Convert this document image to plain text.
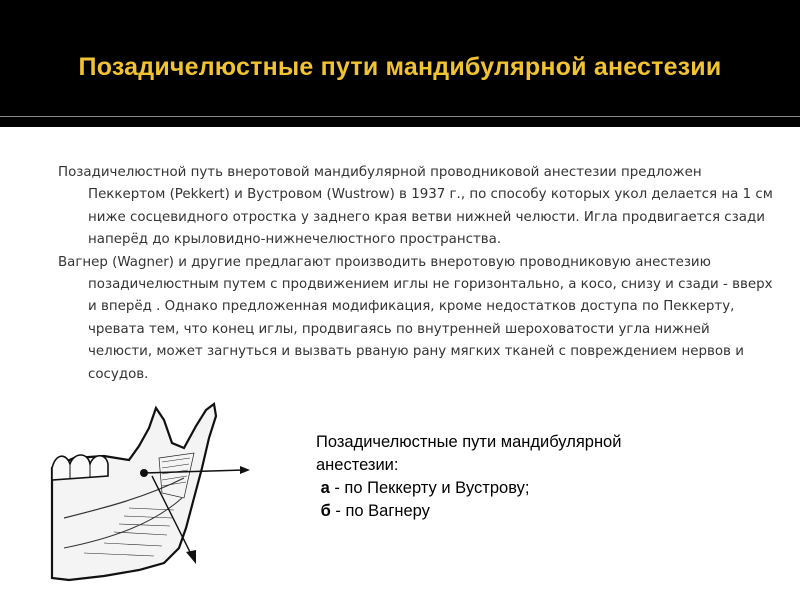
Позадичелюстные пути мандибулярной анестезии

Позадичелюстной путь внеротовой мандибулярной проводниковой анестезии предложен Пеккертом (Pekkert) и Вустровом (Wustrow) в 1937 г., по способу которых укол делается на 1 см ниже сосцевидного отростка у заднего края ветви нижней челюсти. Игла продвигается сзади наперёд до крыловидно-нижнечелюстного пространства.

Вагнер (Wagner) и другие предлагают производить внеротовую проводниковую анестезию позадичелюстным путем с продвижением иглы не горизонтально, а косо, снизу и сзади - вверх и вперёд . Однако предложенная модификация, кроме недостатков доступа по Пеккерту, чревата тем, что конец иглы, продвигаясь по внутренней шероховатости угла нижней челюсти, может загнуться и вызвать рваную рану мягких тканей с повреждением нервов и сосудов.

Позадичелюстные пути мандибулярной
анестезии:
а - по Пеккерту и Вустрову;
б - по Вагнеру
